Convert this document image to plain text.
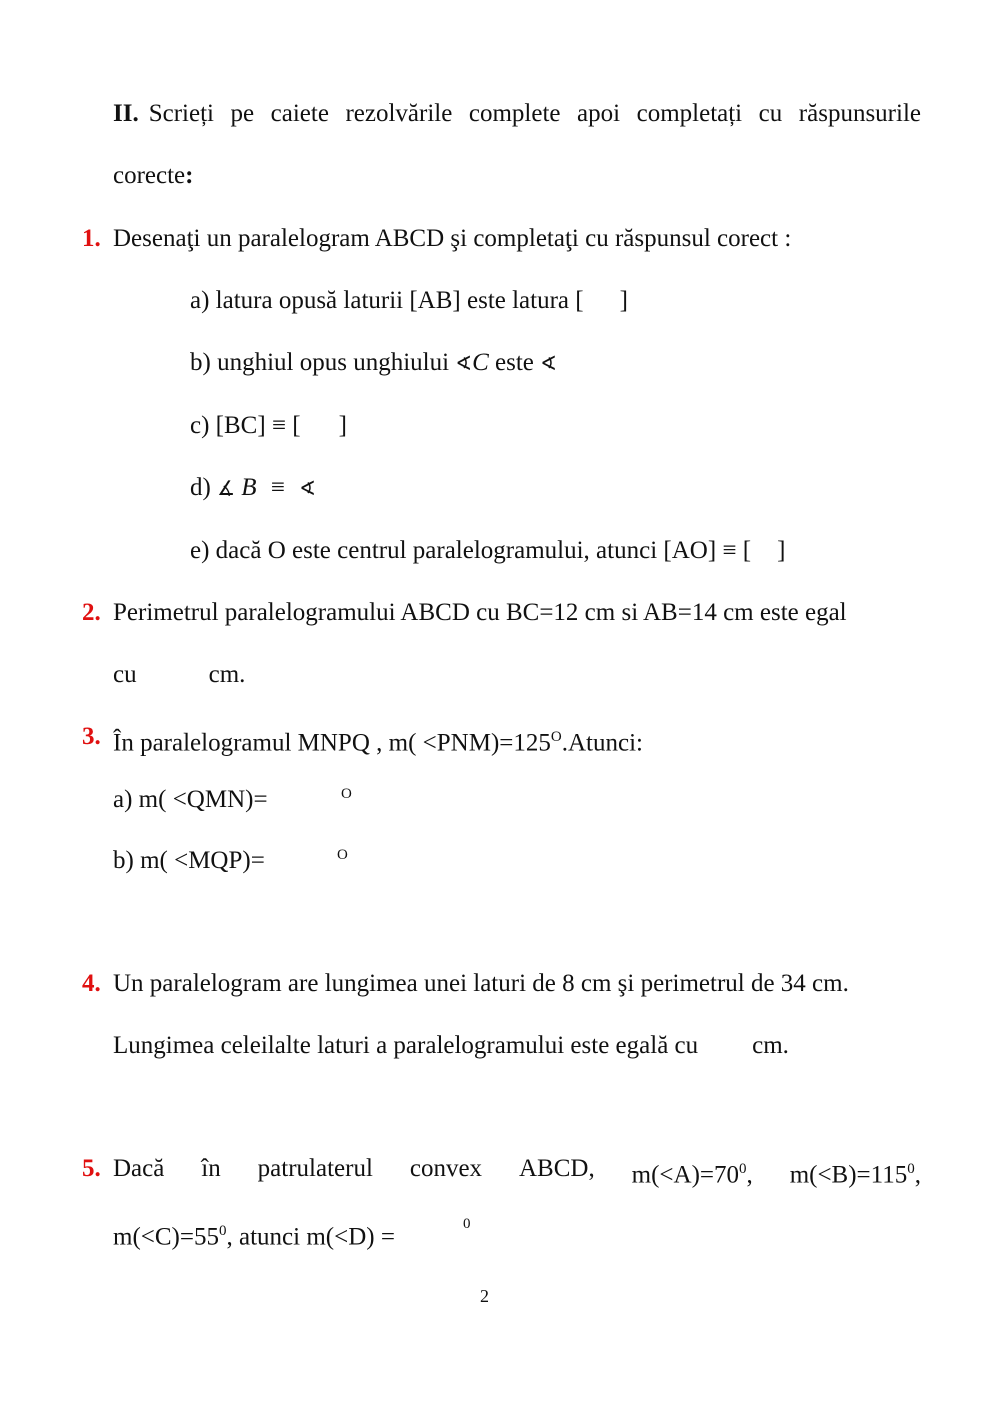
II. Scrieți pe caiete rezolvările complete apoi completați cu răspunsurile
corecte:
1. Desenaţi un paralelogram ABCD şi completaţi cu răspunsul corect :
a) latura opusă laturii [AB] este latura [ ]
b) unghiul opus unghiului ∢C este ∢
c) [BC] ≡ [ ]
d) ∡ B ≡ ∢
e) dacă O este centrul paralelogramului, atunci [AO] ≡ [ ]
2. Perimetrul paralelogramului ABCD cu BC=12 cm si AB=14 cm este egal
cu	cm.
3. În paralelogramul MNPQ , $m( <PNM)=125^O.Atunci$:
a) m( <QMN)=	O
b) m( <MQP)=	O
4. Un paralelogram are lungimea unei laturi de 8 cm şi perimetrul de 34 cm.
Lungimea celeilalte laturi a paralelogramului este egală cu cm.
5. Dacă în patrulaterul convex ABCD, $m(<A)=70^0$, $m(<B)=115^0$,
$m(<C)=55^0$, atunci m(<D) =	0
2
